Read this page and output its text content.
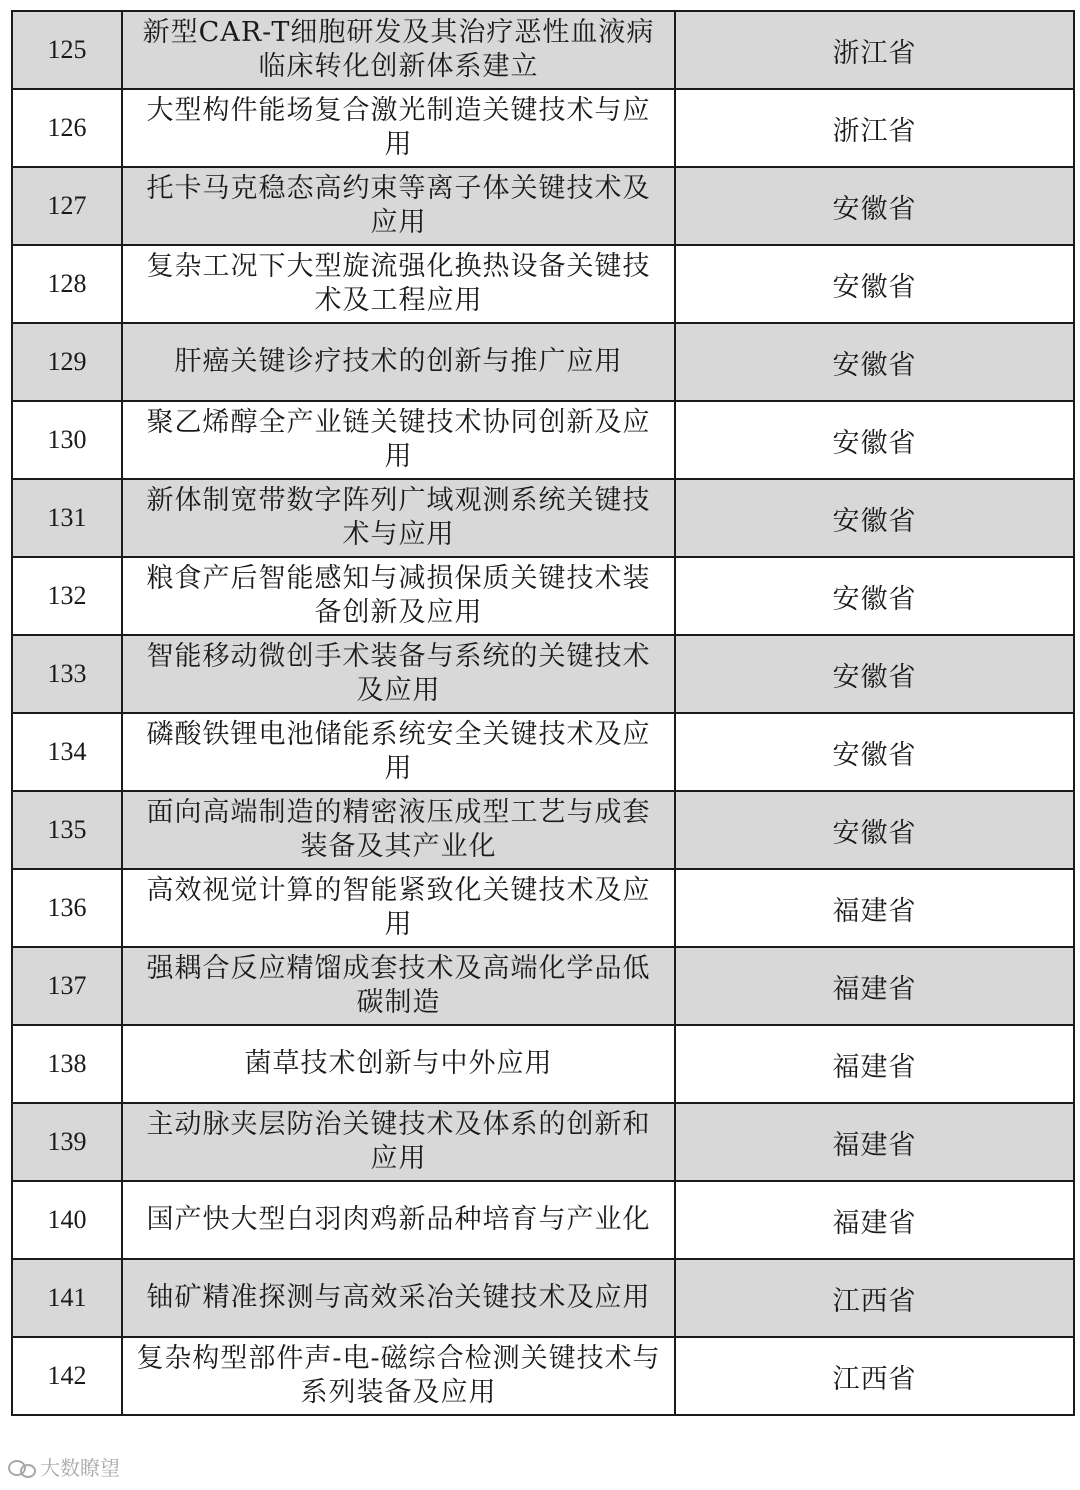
125	新型CAR-T细胞研发及其治疗恶性血液病临床转化创新体系建立	浙江省
126	大型构件能场复合激光制造关键技术与应用	浙江省
127	托卡马克稳态高约束等离子体关键技术及应用	安徽省
128	复杂工况下大型旋流强化换热设备关键技术及工程应用	安徽省
129	肝癌关键诊疗技术的创新与推广应用	安徽省
130	聚乙烯醇全产业链关键技术协同创新及应用	安徽省
131	新体制宽带数字阵列广域观测系统关键技术与应用	安徽省
132	粮食产后智能感知与减损保质关键技术装备创新及应用	安徽省
133	智能移动微创手术装备与系统的关键技术及应用	安徽省
134	磷酸铁锂电池储能系统安全关键技术及应用	安徽省
135	面向高端制造的精密液压成型工艺与成套装备及其产业化	安徽省
136	高效视觉计算的智能紧致化关键技术及应用	福建省
137	强耦合反应精馏成套技术及高端化学品低碳制造	福建省
138	菌草技术创新与中外应用	福建省
139	主动脉夹层防治关键技术及体系的创新和应用	福建省
140	国产快大型白羽肉鸡新品种培育与产业化	福建省
141	铀矿精准探测与高效采冶关键技术及应用	江西省
142	复杂构型部件声-电-磁综合检测关键技术与系列装备及应用	江西省
大数瞭望
